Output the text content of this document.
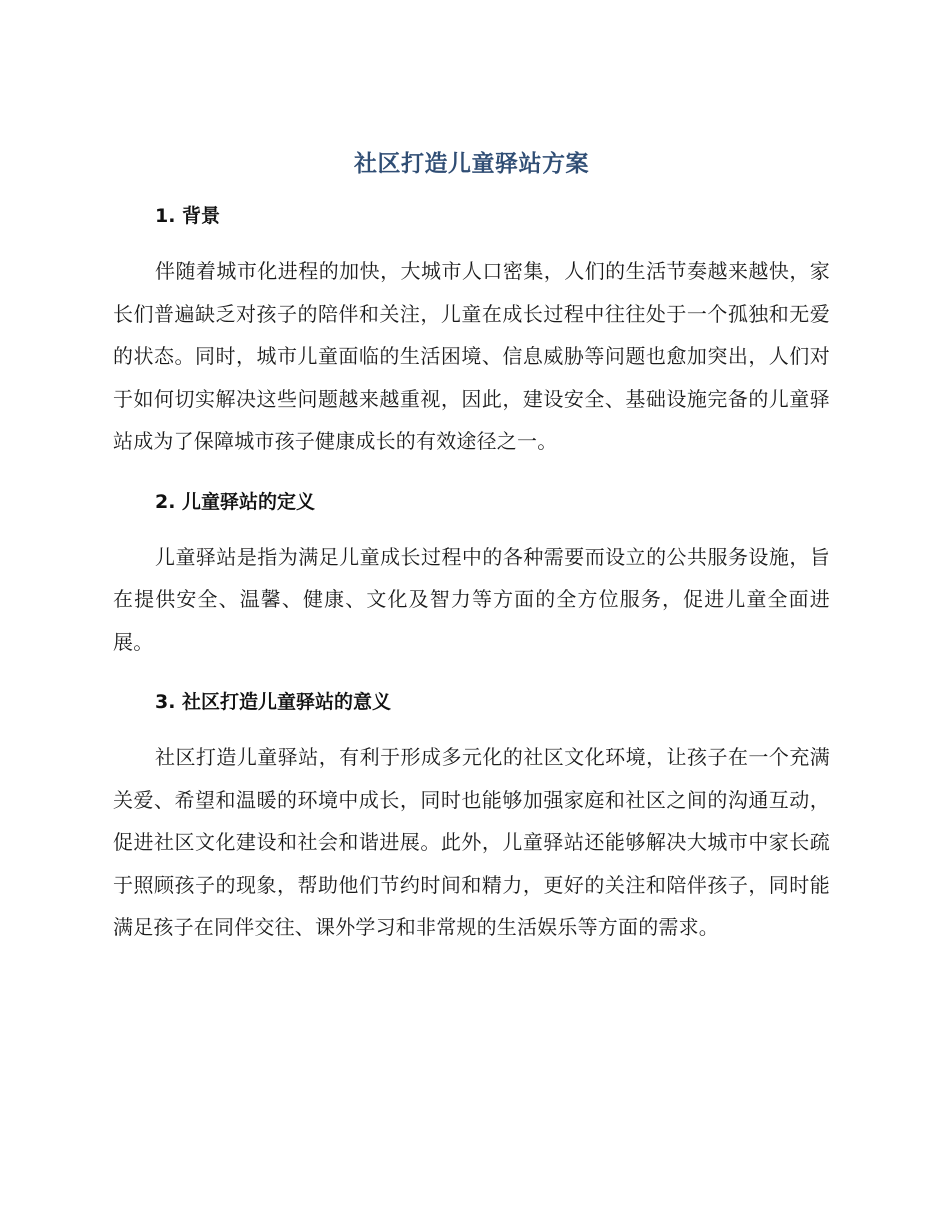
社区打造儿童驿站方案
1. 背景

伴随着城市化进程的加快，大城市人口密集，人们的生活节奏越来越快，家长们普遍缺乏对孩子的陪伴和关注，儿童在成长过程中往往处于一个孤独和无爱的状态。同时，城市儿童面临的生活困境、信息威胁等问题也愈加突出，人们对于如何切实解决这些问题越来越重视，因此，建设安全、基础设施完备的儿童驿站成为了保障城市孩子健康成长的有效途径之一。

2. 儿童驿站的定义

儿童驿站是指为满足儿童成长过程中的各种需要而设立的公共服务设施，旨在提供安全、温馨、健康、文化及智力等方面的全方位服务，促进儿童全面进展。

3. 社区打造儿童驿站的意义

社区打造儿童驿站，有利于形成多元化的社区文化环境，让孩子在一个充满关爱、希望和温暖的环境中成长，同时也能够加强家庭和社区之间的沟通互动，促进社区文化建设和社会和谐进展。此外，儿童驿站还能够解决大城市中家长疏于照顾孩子的现象，帮助他们节约时间和精力，更好的关注和陪伴孩子，同时能满足孩子在同伴交往、课外学习和非常规的生活娱乐等方面的需求。
